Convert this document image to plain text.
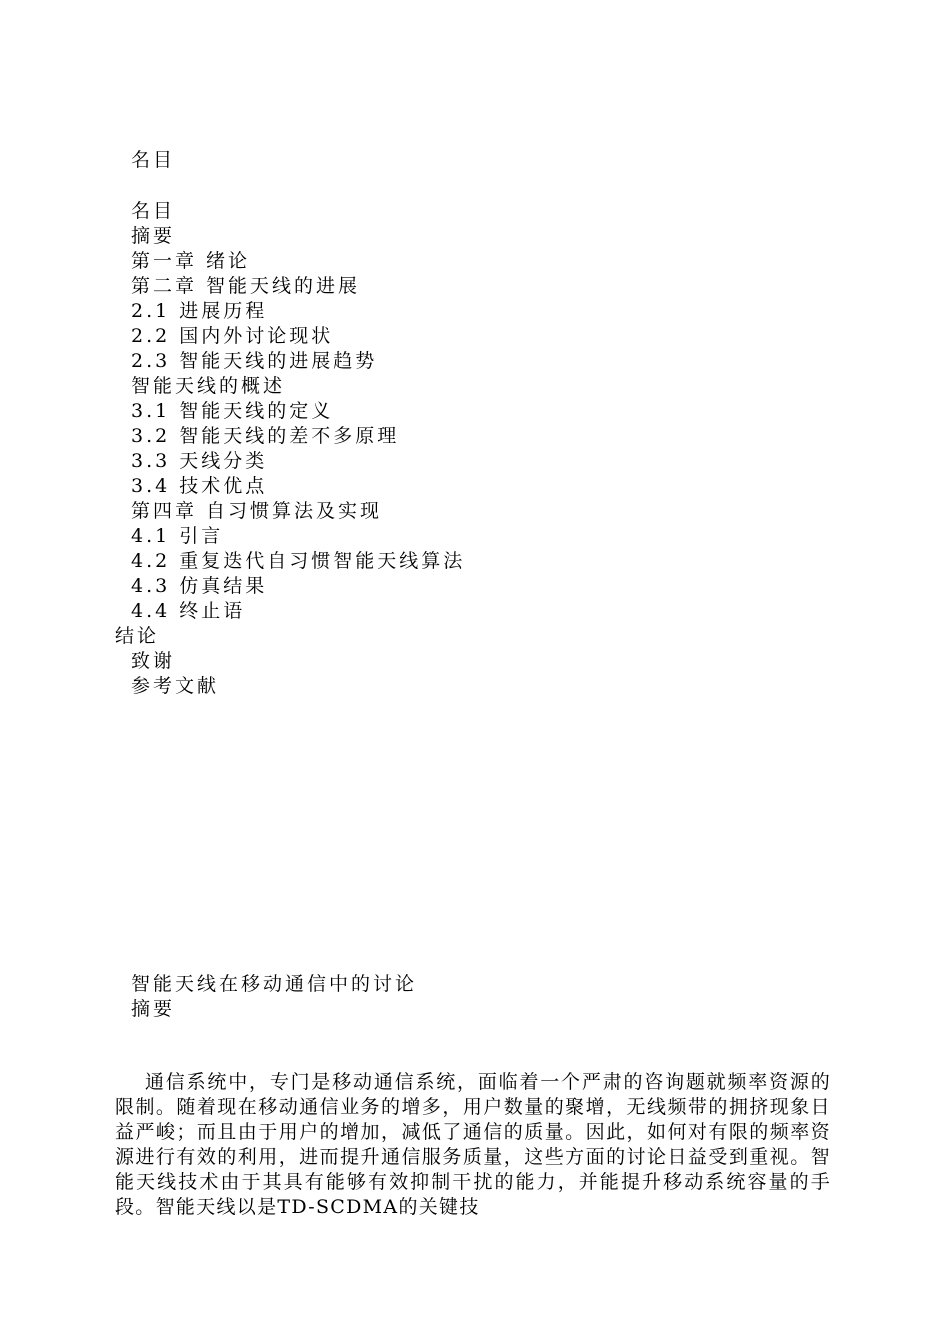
名目

名目

摘要

第一章 绪论

第二章 智能天线的进展

2.1 进展历程

2.2 国内外讨论现状

2.3 智能天线的进展趋势

智能天线的概述

3.1 智能天线的定义

3.2 智能天线的差不多原理

3.3 天线分类

3.4 技术优点

第四章 自习惯算法及实现

4.1 引言

4.2 重复迭代自习惯智能天线算法

4.3 仿真结果

4.4 终止语

结论

致谢

参考文献

智能天线在移动通信中的讨论

摘要

通信系统中，专门是移动通信系统，面临着一个严肃的咨询题就频率资源的限制。随着现在移动通信业务的增多，用户数量的聚增，无线频带的拥挤现象日益严峻；而且由于用户的增加，减低了通信的质量。因此，如何对有限的频率资源进行有效的利用，进而提升通信服务质量，这些方面的讨论日益受到重视。智能天线技术由于其具有能够有效抑制干扰的能力，并能提升移动系统容量的手段。智能天线以是TD-SCDMA的关键技
